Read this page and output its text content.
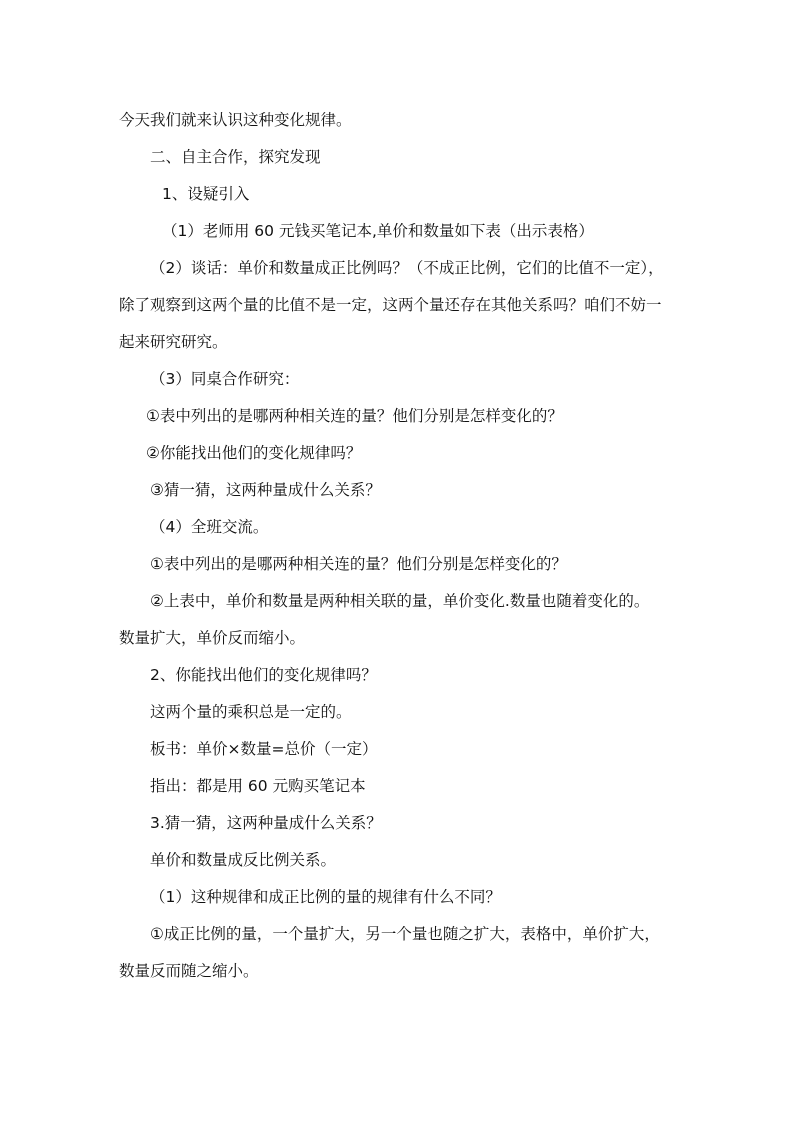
今天我们就来认识这种变化规律。

二、自主合作，探究发现

1、设疑引入

（1）老师用 60 元钱买笔记本,单价和数量如下表（出示表格）

（2）谈话：单价和数量成正比例吗？（不成正比例，它们的比值不一定），

除了观察到这两个量的比值不是一定，这两个量还存在其他关系吗？咱们不妨一

起来研究研究。

（3）同桌合作研究：

①表中列出的是哪两种相关连的量？他们分别是怎样变化的？

②你能找出他们的变化规律吗？

③猜一猜，这两种量成什么关系？

（4）全班交流。

①表中列出的是哪两种相关连的量？他们分别是怎样变化的？

②上表中，单价和数量是两种相关联的量，单价变化.数量也随着变化的。

数量扩大，单价反而缩小。

2、你能找出他们的变化规律吗？

这两个量的乘积总是一定的。

板书：单价×数量=总价（一定）

指出：都是用 60 元购买笔记本

3.猜一猜，这两种量成什么关系？

单价和数量成反比例关系。

（1）这种规律和成正比例的量的规律有什么不同？

①成正比例的量，一个量扩大，另一个量也随之扩大，表格中，单价扩大，

数量反而随之缩小。
